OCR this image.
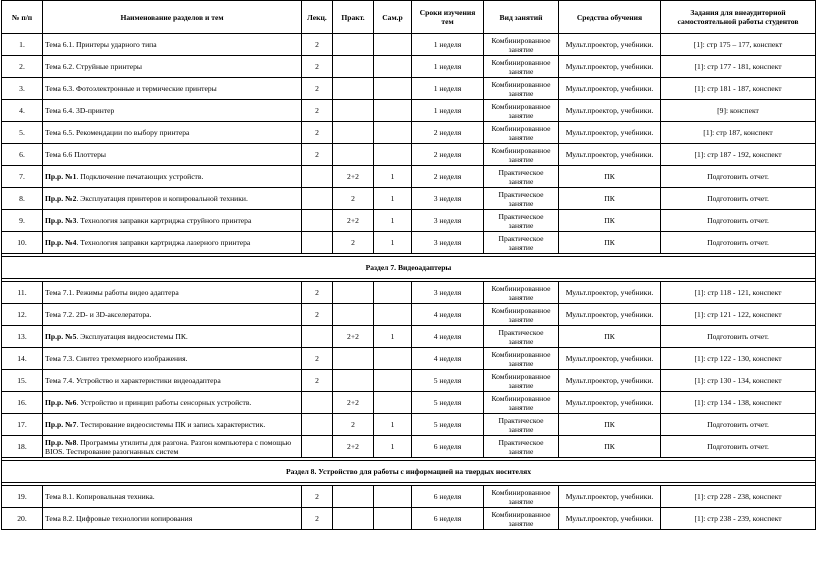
№ п/п	Наименование разделов и тем	Лекц.	Практ.	Сам.р	Сроки изучения тем	Вид занятий	Средства обучения	Задания для внеаудиторной самостоятельной работы студентов
1.	Тема 6.1. Принтеры ударного типа	2			1 неделя	Комбинированное занятие	Мульт.проектор, учебники.	[1]: стр 175 – 177, конспект
2.	Тема 6.2. Струйные принтеры	2			1 неделя	Комбинированное занятие	Мульт.проектор, учебники.	[1]: стр 177 - 181, конспект
3.	Тема 6.3. Фотоэлектронные и термические принтеры	2			1 неделя	Комбинированное занятие	Мульт.проектор, учебники.	[1]: стр 181 - 187, конспект
4.	Тема 6.4. 3D-принтер	2			1 неделя	Комбинированное занятие	Мульт.проектор, учебники.	[9]: конспект
5.	Тема 6.5. Рекомендации по выбору принтера	2			2 неделя	Комбинированное занятие	Мульт.проектор, учебники.	[1]: стр 187, конспект
6.	Тема 6.6 Плоттеры	2			2 неделя	Комбинированное занятие	Мульт.проектор, учебники.	[1]: стр 187 - 192, конспект
7.	Пр.р. №1. Подключение печатающих устройств.		2+2	1	2 неделя	Практическое занятие	ПК	Подготовить отчет.
8.	Пр.р. №2. Эксплуатация принтеров и копировальной техники.		2	1	3 неделя	Практическое занятие	ПК	Подготовить отчет.
9.	Пр.р. №3. Технология заправки картриджа струйного принтера		2+2	1	3 неделя	Практическое занятие	ПК	Подготовить отчет.
10.	Пр.р. №4. Технология заправки картриджа лазерного принтера		2	1	3 неделя	Практическое занятие	ПК	Подготовить отчет.

Раздел 7. Видеоадаптеры								

11.	Тема 7.1. Режимы работы видео адаптера	2			3 неделя	Комбинированное занятие	Мульт.проектор, учебники.	[1]: стр 118 - 121, конспект
12.	Тема 7.2. 2D- и 3D-акселератора.	2			4 неделя	Комбинированное занятие	Мульт.проектор, учебники.	[1]: стр 121 - 122, конспект
13.	Пр.р. №5. Эксплуатация видеосистемы ПК.		2+2	1	4 неделя	Практическое занятие	ПК	Подготовить отчет.
14.	Тема 7.3. Синтез трехмерного изображения.	2			4 неделя	Комбинированное занятие	Мульт.проектор, учебники.	[1]: стр 122 - 130, конспект
15.	Тема 7.4. Устройство и характеристики видеоадаптера	2			5 неделя	Комбинированное занятие	Мульт.проектор, учебники.	[1]: стр 130 - 134, конспект
16.	Пр.р. №6. Устройство и принцип работы сенсорных устройств.		2+2		5 неделя	Комбинированное занятие	Мульт.проектор, учебники.	[1]: стр 134 - 138, конспект
17.	Пр.р. №7. Тестирование видеосистемы ПК и запись характеристик.		2	1	5 неделя	Практическое занятие	ПК	Подготовить отчет.
18.	Пр.р. №8. Программы утилиты для разгона. Разгон компьютера с помощью BIOS. Тестирование разогнанных систем		2+2	1	6 неделя	Практическое занятие	ПК	Подготовить отчет.

Раздел 8. Устройство для работы с информацией на твердых носителях								

19.	Тема 8.1. Копировальная техника.	2			6 неделя	Комбинированное занятие	Мульт.проектор, учебники.	[1]: стр 228 - 238, конспект
20.	Тема 8.2. Цифровые технологии копирования	2			6 неделя	Комбинированное занятие	Мульт.проектор, учебники.	[1]: стр 238 - 239, конспект
